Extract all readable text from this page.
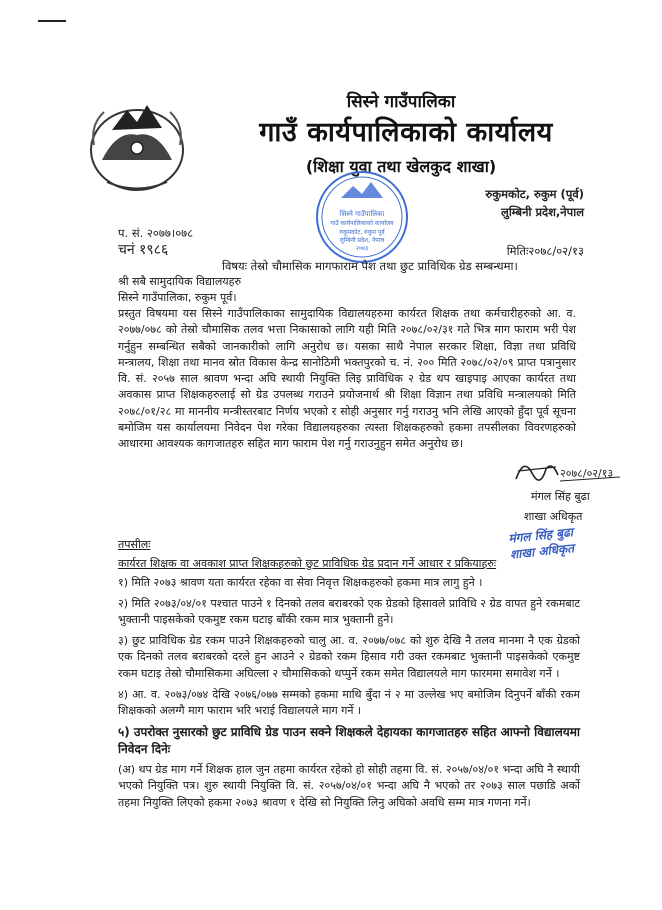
सिस्ने गाउँपालिका
गाउँ कार्यपालिकाको कार्यालय
(शिक्षा युवा तथा खेलकुद शाखा)
सिस्ने गाउँपालिका
गाउँ कार्यपालिकाको कार्यालय
रुकुमकोट, रुकुम पूर्व
लुम्बिनी प्रदेश, नेपाल
२०७३
रुकुमकोट, रुकुम (पूर्व)
लुम्बिनी प्रदेश,नेपाल
प. सं. २०७७।०७८
चनं १९८६	मितिः२०७८/०२/१३
विषयः तेस्रो चौमासिक मागफाराम पेश तथा छुट प्राविधिक ग्रेड सम्बन्धमा।
श्री सबै सामुदायिक विद्यालयहरु
सिस्ने गाउँपालिका, रुकुम पूर्व।
प्रस्तुत विषयमा यस सिस्ने गाउँपालिकाका सामुदायिक विद्यालयहरुमा कार्यरत शिक्षक तथा कर्मचारीहरुको आ. व. २०७७/०७८ को तेस्रो चौमासिक तलव भत्ता निकासाको लागि यही मिति २०७८/०२/३१ गते भित्र माग फाराम भरी पेश गर्नुहुन सम्बन्धित सबैको जानकारीको लागि अनुरोध छ। यसका साथै नेपाल सरकार शिक्षा, विज्ञा तथा प्रविधि मन्त्रालय, शिक्षा तथा मानव स्रोत विकास केन्द्र सानोठिमी भक्तपुरको च. नं. २०० मिति २०७८/०२/०९ प्राप्त पत्रानुसार वि. सं. २०५७ साल श्रावण भन्दा अघि स्थायी नियुक्ति लिइ प्राविधिक २ ग्रेड थप खाइपाइ आएका कार्यरत तथा अवकास प्राप्त शिक्षकहरुलाई सो ग्रेड उपलब्ध गराउने प्रयोजनार्थ श्री शिक्षा विज्ञान तथा प्रविधि मन्त्रालयको मिति २०७८/०१/२८ मा माननीय मन्त्रीस्तरबाट निर्णय भएको र सोही अनुसार गर्नु गराउनु भनि लेखि आएको हुँदा पूर्व सूचना बमोजिम यस कार्यालयमा निवेदन पेश गरेका विद्यालयहरुका त्यस्ता शिक्षकहरुको हकमा तपसीलका विवरणहरुको आधारमा आवश्यक कागजातहरु सहित माग फाराम पेश गर्नु गराउनुहुन समेत अनुरोध छ।
२०७८/०२/१३
मंगल सिंह बुढा
शाखा अधिकृत
मंगल सिंह बुढा
शाखा अधिकृत
तपसीलः
कार्यरत शिक्षक वा अवकाश प्राप्त शिक्षकहरुको छुट प्राविधिक ग्रेड प्रदान गर्ने आधार र प्रकियाहरुः
१) मिति २०७३ श्रावण यता कार्यरत रहेका वा सेवा निवृत्त शिक्षकहरुको हकमा मात्र लागु हुने ।
२) मिति २०७३/०४/०१ पश्चात पाउने १ दिनको तलव बराबरको एक ग्रेडको हिसावले प्राविधि २ ग्रेड वापत हुने रकमबाट भुक्तानी पाइसकेको एकमुष्ट रकम घटाइ बाँकी रकम मात्र भुक्तानी हुने।
३) छुट प्राविधिक ग्रेड रकम पाउने शिक्षकहरुको चालु आ. व. २०७७/०७८ को शुरु देखि नै तलव मानमा नै एक ग्रेडको एक दिनको तलव बराबरको दरले हुन आउने २ ग्रेडको रकम हिसाव गरी उक्त रकमबाट भुक्तानी पाइसकेको एकमुष्ट रकम घटाइ तेस्रो चौमासिकमा अघिल्ला २ चौमासिकको थप्पुर्ने रकम समेत विद्यालयले माग फारममा समावेश गर्ने ।
४) आ. व. २०७३/०७४ देखि २०७६/०७७ सम्मको हकमा माथि बुँदा नं २ मा उल्लेख भए बमोजिम दिनुपर्ने बाँकी रकम शिक्षकको अलग्गै माग फाराम भरि भराई विद्यालयले माग गर्ने ।
५) उपरोक्त नुसारको छुट प्राविधि ग्रेड पाउन सक्ने शिक्षकले देहायका कागजातहरु सहित आफ्नो विद्यालयमा निवेदन दिनेः
(अ) थप ग्रेड माग गर्ने शिक्षक हाल जुन तहमा कार्यरत रहेको हो सोही तहमा वि. सं. २०५७/०४/०१ भन्दा अघि नै स्थायी भएको नियुक्ति पत्र। शुरु स्थायी नियुक्ति वि. सं. २०५७/०४/०१ भन्दा अघि नै भएको तर २०७३ साल पछाडि अर्को तहमा नियुक्ति लिएको हकमा २०७३ श्रावण १ देखि सो नियुक्ति लिनु अघिको अवधि सम्म मात्र गणना गर्ने।
